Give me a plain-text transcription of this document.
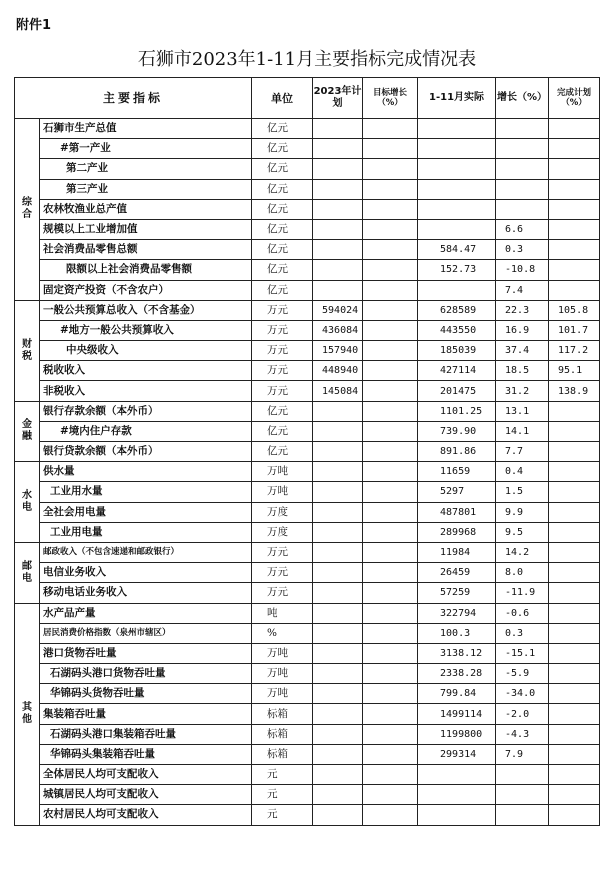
附件1
石狮市2023年1-11月主要指标完成情况表
主要指标		单位	2023年计划	目标增长（%）	1-11月实际	增长（%）	完成计划（%）
综
合	石狮市生产总值	亿元					
	#第一产业	亿元					
	第二产业	亿元					
	第三产业	亿元					
	农林牧渔业总产值	亿元					
	规模以上工业增加值	亿元				6.6	
	社会消费品零售总额	亿元			584.47	0.3	
	限额以上社会消费品零售额	亿元			152.73	-10.8	
	固定资产投资（不含农户）	亿元				7.4	
财
税	一般公共预算总收入（不含基金）	万元	594024		628589	22.3	105.8
	#地方一般公共预算收入	万元	436084		443550	16.9	101.7
	中央级收入	万元	157940		185039	37.4	117.2
	税收收入	万元	448940		427114	18.5	95.1
	非税收入	万元	145084		201475	31.2	138.9
金
融	银行存款余额（本外币）	亿元			1101.25	13.1	
	#境内住户存款	亿元			739.90	14.1	
	银行贷款余额（本外币）	亿元			891.86	7.7	
水
电	供水量	万吨			11659	0.4	
	工业用水量	万吨			5297	1.5	
	全社会用电量	万度			487801	9.9	
	工业用电量	万度			289968	9.5	
邮
电	邮政收入（不包含速递和邮政银行）	万元			11984	14.2	
	电信业务收入	万元			26459	8.0	
	移动电话业务收入	万元			57259	-11.9	
其
他	水产品产量	吨			322794	-0.6	
	居民消费价格指数（泉州市辖区）	%			100.3	0.3	
	港口货物吞吐量	万吨			3138.12	-15.1	
	石湖码头港口货物吞吐量	万吨			2338.28	-5.9	
	华锦码头货物吞吐量	万吨			799.84	-34.0	
	集装箱吞吐量	标箱			1499114	-2.0	
	石湖码头港口集装箱吞吐量	标箱			1199800	-4.3	
	华锦码头集装箱吞吐量	标箱			299314	7.9	
	全体居民人均可支配收入	元					
	城镇居民人均可支配收入	元					
	农村居民人均可支配收入	元					
